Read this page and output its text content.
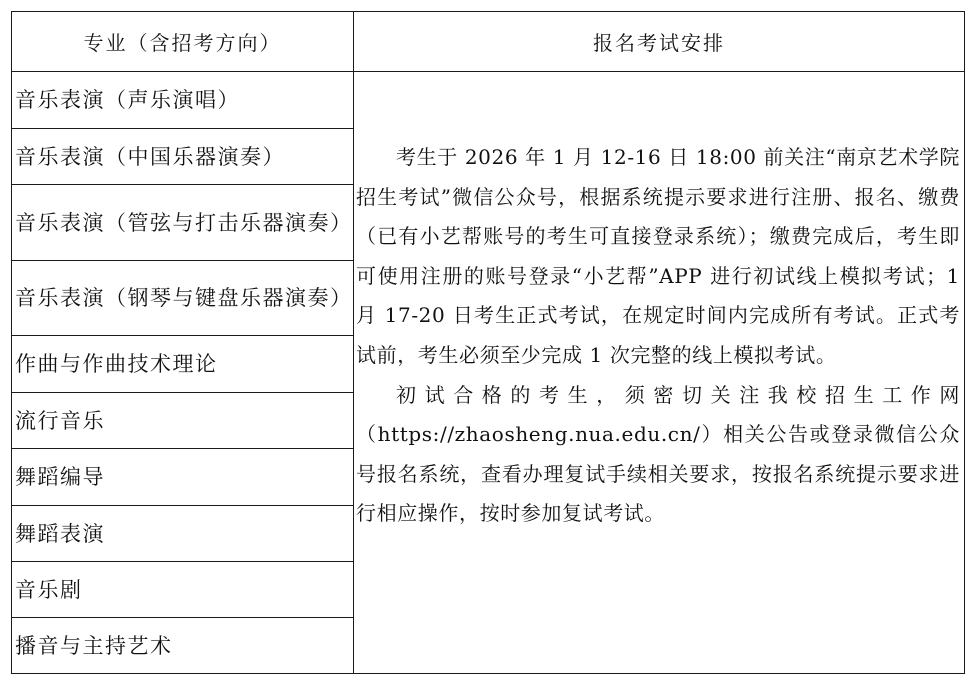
专业（含招考方向）	报名考试安排
音乐表演（声乐演唱）	考生于 2026 年 1 月 12-16 日 18:00 前关注“南京艺术学院招生考试”微信公众号，根据系统提示要求进行注册、报名、缴费（已有小艺帮账号的考生可直接登录系统）；缴费完成后，考生即可使用注册的账号登录“小艺帮”APP 进行初试线上模拟考试；1 月 17-20 日考生正式考试，在规定时间内完成所有考试。正式考试前，考生必须至少完成 1 次完整的线上模拟考试。

初试合格的考生，须密切关注我校招生工作网（https://zhaosheng.nua.edu.cn/）相关公告或登录微信公众号报名系统，查看办理复试手续相关要求，按报名系统提示要求进行相应操作，按时参加复试考试。

音乐表演（中国乐器演奏）	
音乐表演（管弦与打击乐器演奏）	
音乐表演（钢琴与键盘乐器演奏）	
作曲与作曲技术理论	
流行音乐	
舞蹈编导	
舞蹈表演	
音乐剧	
播音与主持艺术	
